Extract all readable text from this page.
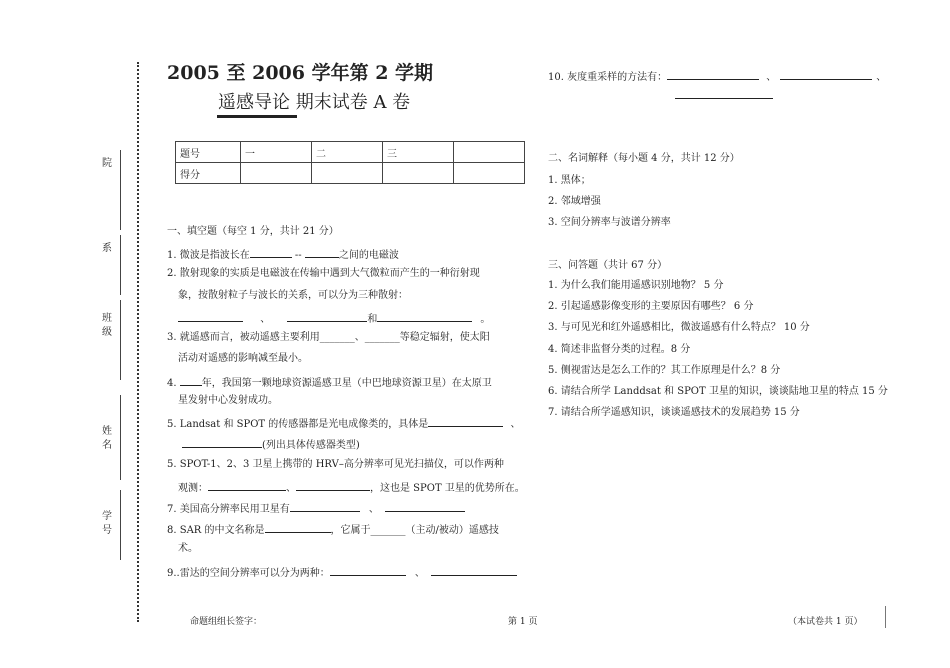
院
系
班
级
姓
名
学
号
2005 至 2006 学年第 2 学期
遥感导论 期末试卷 A 卷
题号	一	二	三	
得分				
一、填空题（每空 1 分，共计 21 分）
1. 微波是指波长在	--	之间的电磁波
2. 散射现象的实质是电磁波在传输中遇到大气微粒而产生的一种衍射现
象，按散射粒子与波长的关系，可以分为三种散射：
、	和	。
3. 就遥感而言，被动遥感主要利用_______、_______等稳定辐射，使太阳
活动对遥感的影响减至最小。
4.	年，我国第一颗地球资源遥感卫星（中巴地球资源卫星）在太原卫
星发射中心发射成功。
5. Landsat 和 SPOT 的传感器都是光电成像类的，具体是	、
(列出具体传感器类型)
5. SPOT-1、2、3 卫星上携带的 HRV–高分辨率可见光扫描仪，可以作两种
观测：	、	，这也是 SPOT 卫星的优势所在。
7. 美国高分辨率民用卫星有	、
8. SAR 的中文名称是	，它属于_______（主动/被动）遥感技
术。
9..雷达的空间分辨率可以分为两种：	、
10. 灰度重采样的方法有：	、	、
二、名词解释（每小题 4 分，共计 12 分）
1. 黑体；
2. 邻域增强
3. 空间分辨率与波谱分辨率
三、问答题（共计 67 分）
1. 为什么我们能用遥感识别地物？ 5 分
2. 引起遥感影像变形的主要原因有哪些？ 6 分
3. 与可见光和红外遥感相比，微波遥感有什么特点？ 10 分
4. 简述非监督分类的过程。8 分
5. 侧视雷达是怎么工作的？其工作原理是什么？8 分
6. 请结合所学 Landdsat 和 SPOT 卫星的知识，谈谈陆地卫星的特点 15 分
7. 请结合所学遥感知识，谈谈遥感技术的发展趋势 15 分
命题组组长签字：	第 1 页	（本试卷共 1 页）
